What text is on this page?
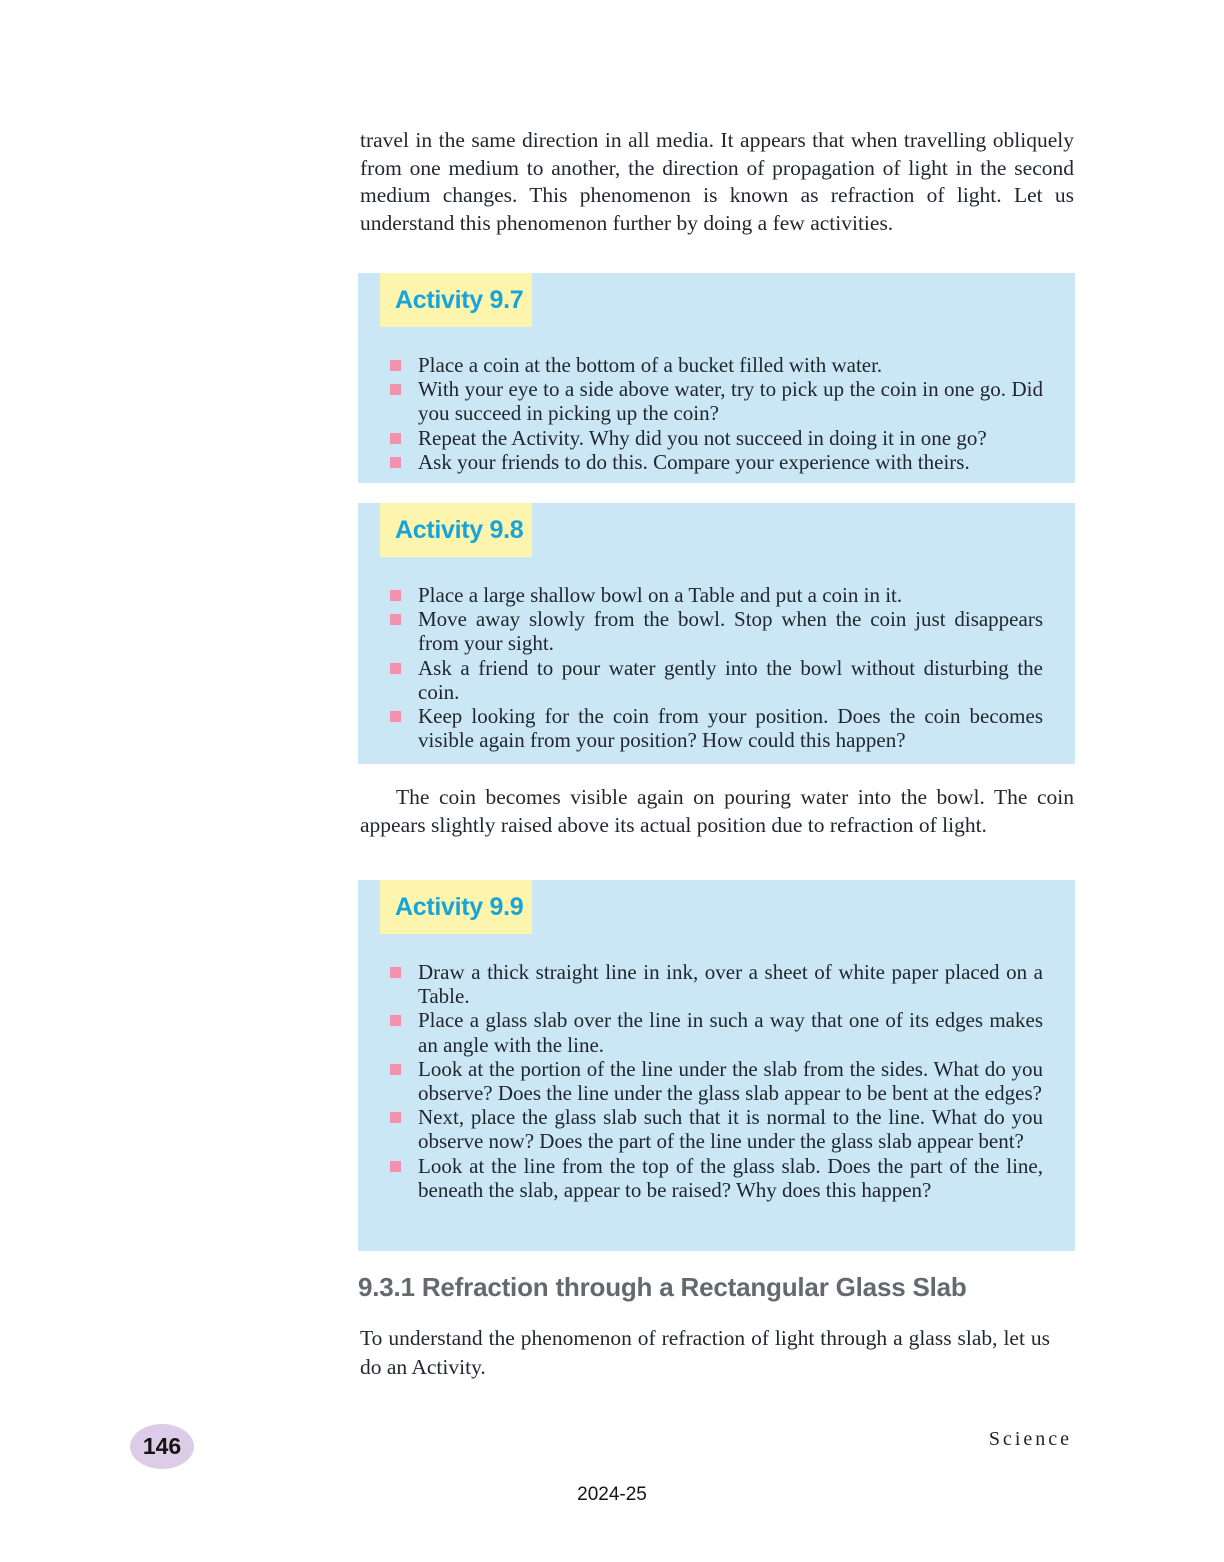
travel in the same direction in all media. It appears that when travelling obliquely from one medium to another, the direction of propagation of light in the second medium changes. This phenomenon is known as refraction of light. Let us understand this phenomenon further by doing a few activities.

Activity 9.7
Place a coin at the bottom of a bucket filled with water.
With your eye to a side above water, try to pick up the coin in one go. Did you succeed in picking up the coin?
Repeat the Activity. Why did you not succeed in doing it in one go?
Ask your friends to do this. Compare your experience with theirs.
Activity 9.8
Place a large shallow bowl on a Table and put a coin in it.
Move away slowly from the bowl. Stop when the coin just disappears from your sight.
Ask a friend to pour water gently into the bowl without disturbing the coin.
Keep looking for the coin from your position. Does the coin becomes visible again from your position? How could this happen?

The coin becomes visible again on pouring water into the bowl. The coin appears slightly raised above its actual position due to refraction of light.

Activity 9.9
Draw a thick straight line in ink, over a sheet of white paper placed on a Table.
Place a glass slab over the line in such a way that one of its edges makes an angle with the line.
Look at the portion of the line under the slab from the sides. What do you observe? Does the line under the glass slab appear to be bent at the edges?
Next, place the glass slab such that it is normal to the line. What do you observe now? Does the part of the line under the glass slab appear bent?
Look at the line from the top of the glass slab. Does the part of the line, beneath the slab, appear to be raised? Why does this happen?
9.3.1 Refraction through a Rectangular Glass Slab

To understand the phenomenon of refraction of light through a glass slab, let us do an Activity.

146	Science

2024-25
